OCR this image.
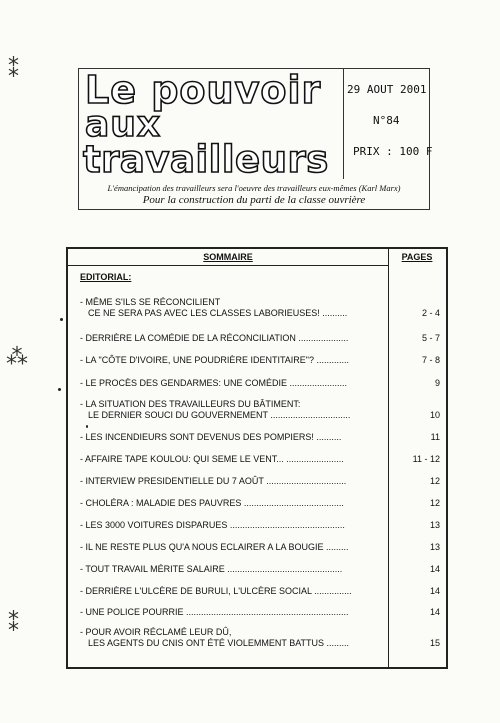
⁑
⁂
⁑
Le pouvoir
aux
travailleurs
29 AOUT 2001
N°84
PRIX : 100 F
L'émancipation des travailleurs sera l'oeuvre des travailleurs eux-mêmes (Karl Marx)
Pour la construction du parti de la classe ouvrière
SOMMAIRE	PAGES
EDITORIAL:
- MÊME S'ILS SE RÉCONCILIENT
CE NE SERA PAS AVEC LES CLASSES LABORIEUSES! ..........	2 - 4
- DERRIÈRE LA COMÉDIE DE LA RÉCONCILIATION ....................	5 - 7
- LA "CÔTE D'IVOIRE, UNE POUDRIÈRE IDENTITAIRE"? .............	7 - 8
- LE PROCÈS DES GENDARMES: UNE COMÉDIE .......................	9
- LA SITUATION DES TRAVAILLEURS DU BÂTIMENT:
LE DERNIER SOUCI DU GOUVERNEMENT ................................	10
- LES INCENDIEURS SONT DEVENUS DES POMPIERS! ..........	11
- AFFAIRE TAPE KOULOU: QUI SEME LE VENT... .......................	11 - 12
- INTERVIEW PRESIDENTIELLE DU 7 AOÛT ................................	12
- CHOLÉRA : MALADIE DES PAUVRES ........................................	12
- LES 3000 VOITURES DISPARUES ..............................................	13
- IL NE RESTE PLUS QU'A NOUS ECLAIRER A LA BOUGIE .........	13
- TOUT TRAVAIL MÉRITE SALAIRE ..............................................	14
- DERRIÈRE L'ULCÈRE DE BURULI, L'ULCÈRE SOCIAL ...............	14
- UNE POLICE POURRIE .................................................................	14
- POUR AVOIR RÉCLAMÉ LEUR DÛ,
LES AGENTS DU CNIS ONT ÉTÉ VIOLEMMENT BATTUS .........	15
